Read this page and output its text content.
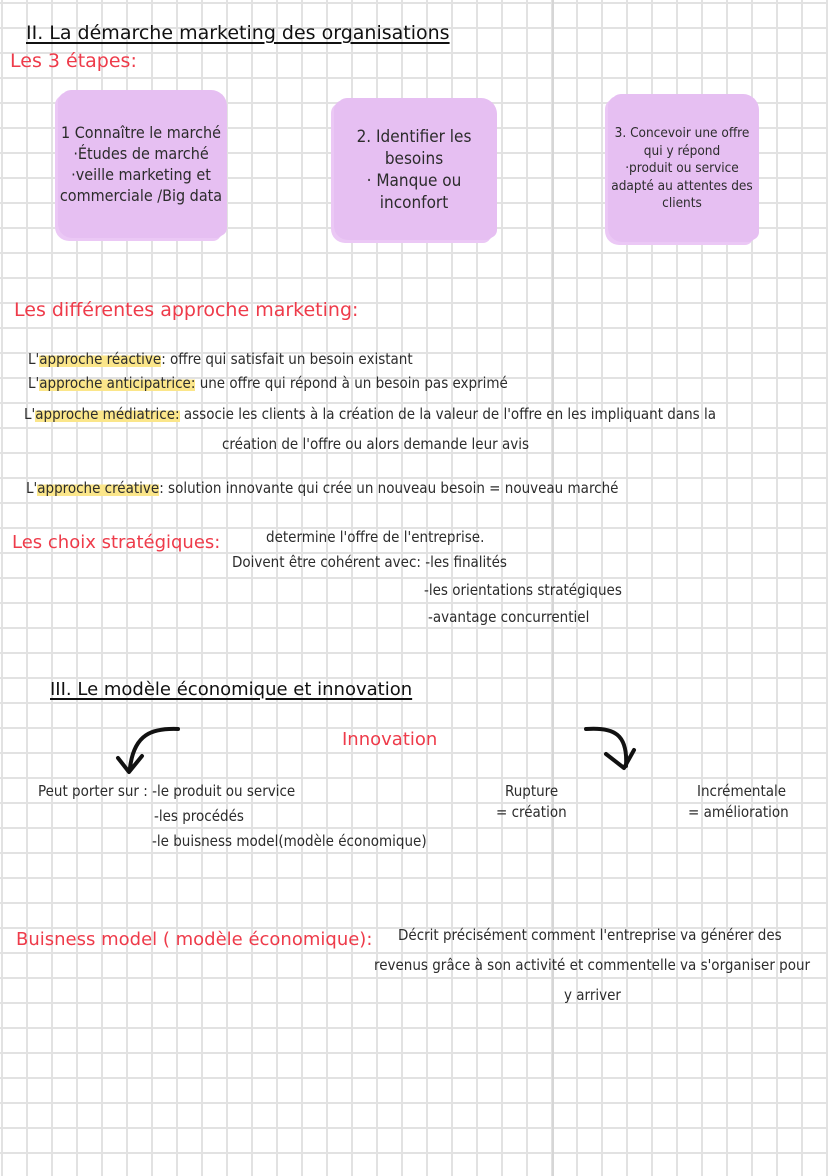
II. La démarche marketing des organisations
Les 3 étapes:
1 Connaître le marché
·Études de marché
·veille marketing et
commerciale /Big data
2. Identifier les besoins
· Manque ou inconfort
3. Concevoir une offre
qui y répond
·produit ou service
adapté au attentes des
clients
Les différentes approche marketing:
L'approche réactive: offre qui satisfait un besoin existant
L'approche anticipatrice: une offre qui répond à un besoin pas exprimé
L'approche médiatrice: associe les clients à la création de la valeur de l'offre en les impliquant dans la
création de l'offre ou alors demande leur avis
L'approche créative: solution innovante qui crée un nouveau besoin = nouveau marché
Les choix stratégiques:	determine l'offre de l'entreprise.
Doivent être cohérent avec: -les finalités
-les orientations stratégiques
-avantage concurrentiel
III. Le modèle économique et innovation
Innovation
Peut porter sur : -le produit ou service
-les procédés
-le buisness model(modèle économique)
Rupture
= création
Incrémentale
= amélioration
Buisness model ( modèle économique): Décrit précisément comment l'entreprise va générer des
revenus grâce à son activité et commentelle va s'organiser pour
y arriver
